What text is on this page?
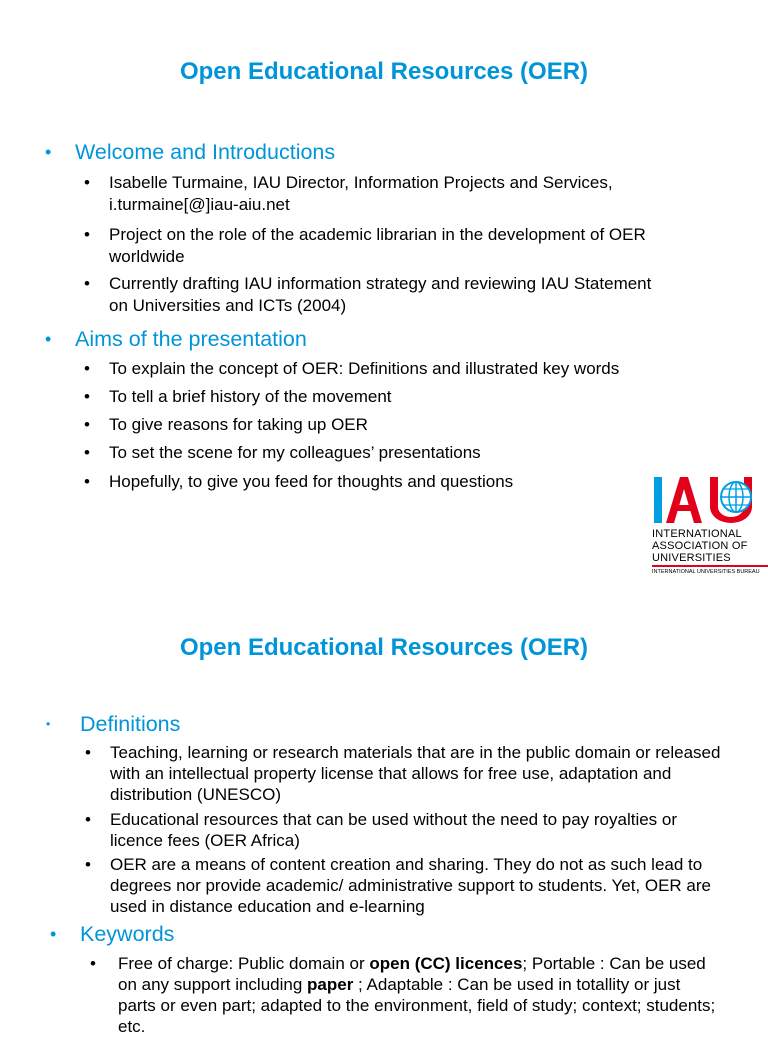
Open Educational Resources (OER)
• Welcome and Introductions
• Isabelle Turmaine, IAU Director, Information Projects and Services, i.turmaine[@]iau-aiu.net
• Project on the role of the academic librarian in the development of OER worldwide
• Currently drafting IAU information strategy and reviewing IAU Statement on Universities and ICTs (2004)
• Aims of the presentation
• To explain the concept of OER: Definitions and illustrated key words
• To tell a brief history of the movement
• To give reasons for taking up OER
• To set the scene for my colleagues’ presentations
• Hopefully, to give you feed for thoughts and questions
INTERNATIONAL
ASSOCIATION OF
UNIVERSITIES
INTERNATIONAL UNIVERSITIES BUREAU
Open Educational Resources (OER)
• Definitions
• Teaching, learning or research materials that are in the public domain or released with an intellectual property license that allows for free use, adaptation and distribution (UNESCO)
• Educational resources that can be used without the need to pay royalties or licence fees (OER Africa)
• OER are a means of content creation and sharing. They do not as such lead to degrees nor provide academic/ administrative support to students. Yet, OER are used in distance education and e-learning
• Keywords
• Free of charge: Public domain or open (CC) licences; Portable : Can be used on any support including paper ; Adaptable : Can be used in totallity or just parts or even part; adapted to the environment, field of study; context; students; etc.
